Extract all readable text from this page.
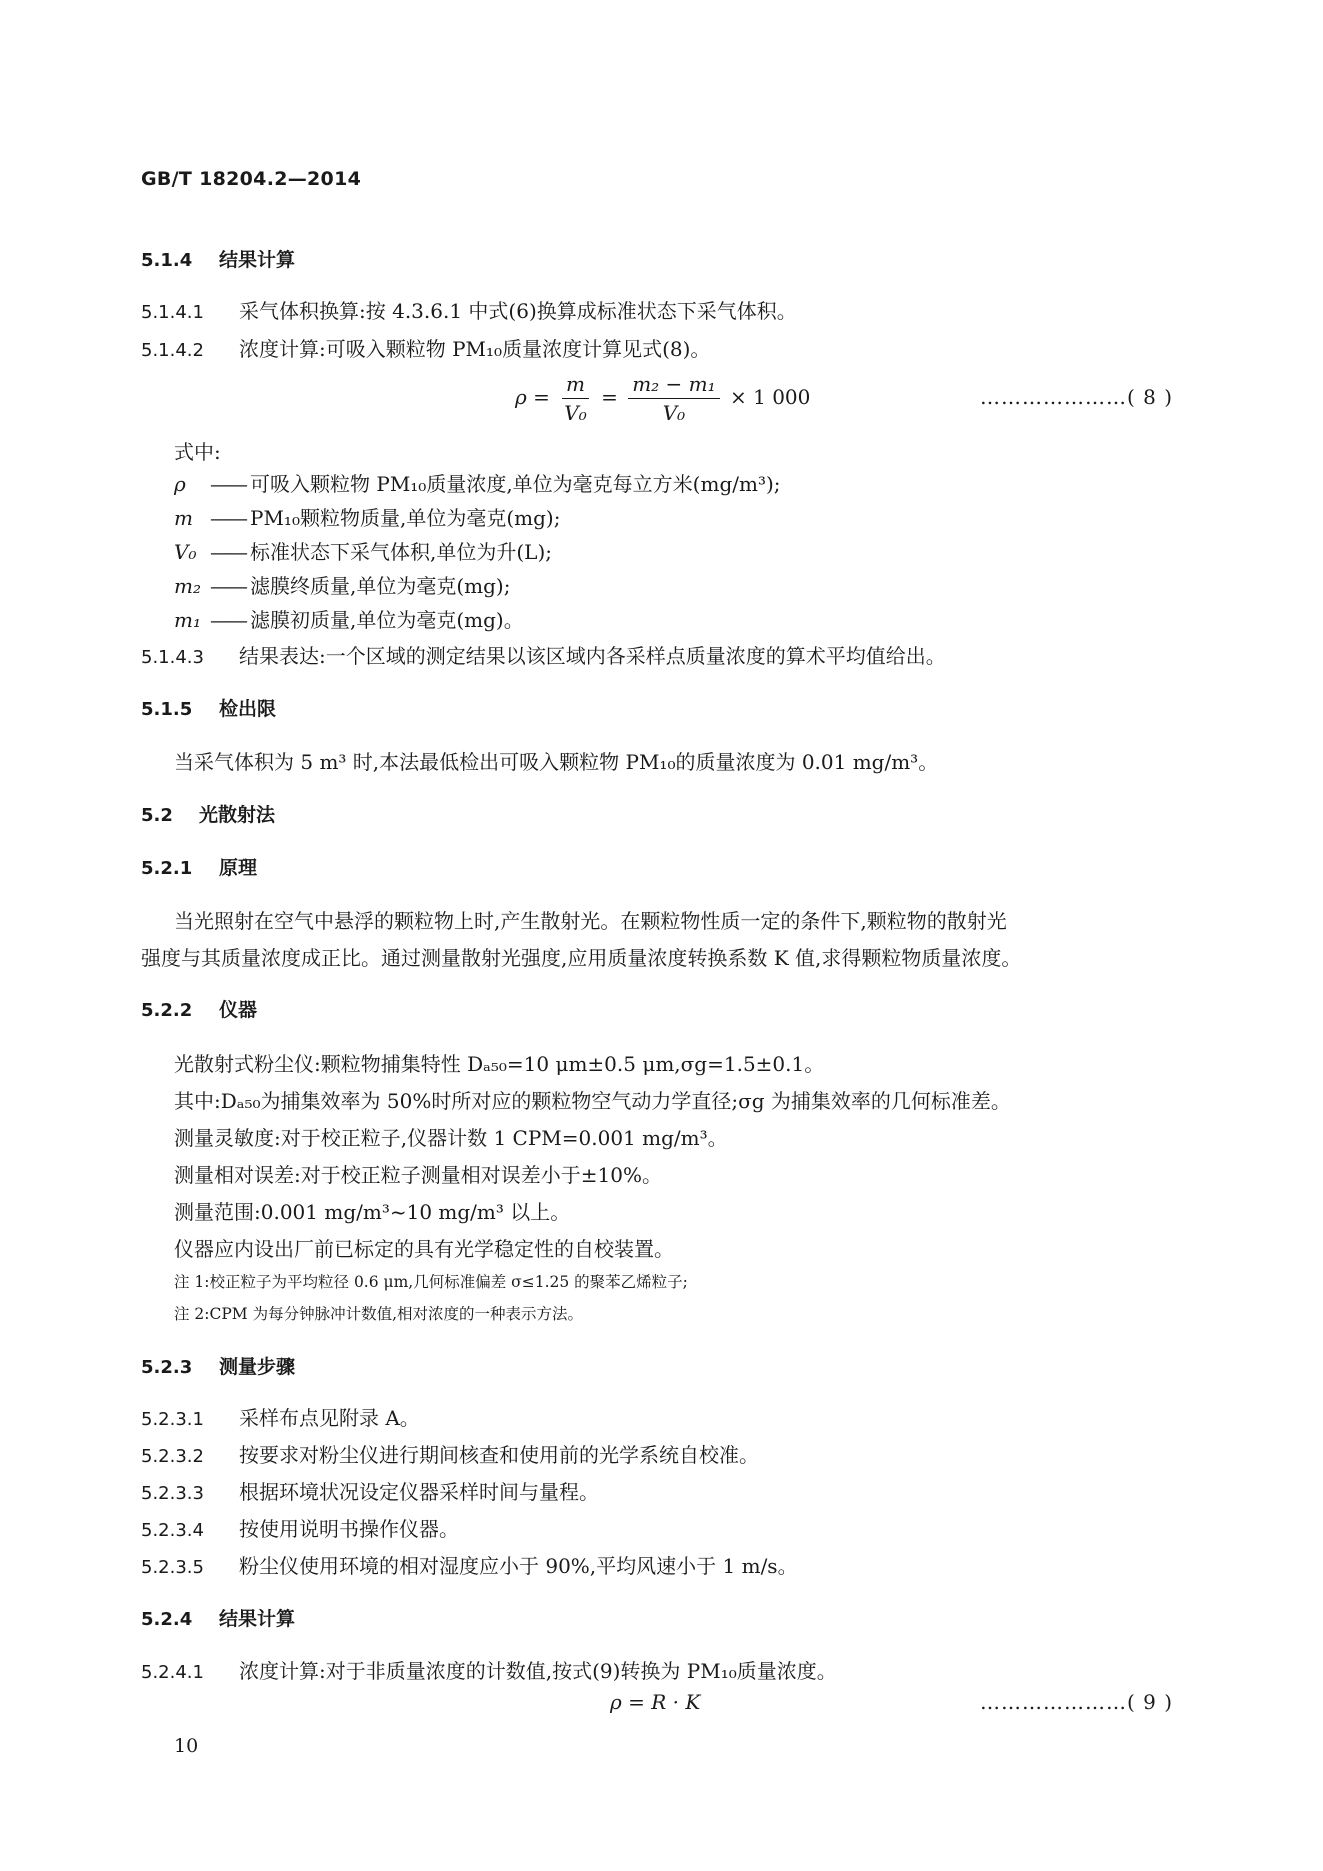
GB/T 18204.2—2014
5.1.4 结果计算
5.1.4.1 采气体积换算:按 4.3.6.1 中式(6)换算成标准状态下采气体积。
5.1.4.2 浓度计算:可吸入颗粒物 PM₁₀质量浓度计算见式(8)。
$\rho = \frac{m}{\text{V₀}} = \frac{\text{m₂ − m₁}}{\text{V₀}} \times 1$ 000	…………………( 8 )
式中:
ρ —— 可吸入颗粒物 PM₁₀质量浓度,单位为毫克每立方米(mg/m³);
m —— PM₁₀颗粒物质量,单位为毫克(mg);
V₀ —— 标准状态下采气体积,单位为升(L);
m₂ —— 滤膜终质量,单位为毫克(mg);
m₁ —— 滤膜初质量,单位为毫克(mg)。
5.1.4.3 结果表达:一个区域的测定结果以该区域内各采样点质量浓度的算术平均值给出。
5.1.5 检出限
当采气体积为 5 m³ 时,本法最低检出可吸入颗粒物 PM₁₀的质量浓度为 0.01 mg/m³。
5.2 光散射法
5.2.1 原理
当光照射在空气中悬浮的颗粒物上时,产生散射光。在颗粒物性质一定的条件下,颗粒物的散射光
强度与其质量浓度成正比。通过测量散射光强度,应用质量浓度转换系数 K 值,求得颗粒物质量浓度。
5.2.2 仪器
光散射式粉尘仪:颗粒物捕集特性 Dₐ₅₀=10 μm±0.5 μm,σg=1.5±0.1。
其中:Dₐ₅₀为捕集效率为 50%时所对应的颗粒物空气动力学直径;σg 为捕集效率的几何标准差。
测量灵敏度:对于校正粒子,仪器计数 1 CPM=0.001 mg/m³。
测量相对误差:对于校正粒子测量相对误差小于±10%。
测量范围:0.001 mg/m³~10 mg/m³ 以上。
仪器应内设出厂前已标定的具有光学稳定性的自校装置。
注 1:校正粒子为平均粒径 0.6 μm,几何标准偏差 σ≤1.25 的聚苯乙烯粒子;
注 2:CPM 为每分钟脉冲计数值,相对浓度的一种表示方法。
5.2.3 测量步骤
5.2.3.1 采样布点见附录 A。
5.2.3.2 按要求对粉尘仪进行期间核查和使用前的光学系统自校准。
5.2.3.3 根据环境状况设定仪器采样时间与量程。
5.2.3.4 按使用说明书操作仪器。
5.2.3.5 粉尘仪使用环境的相对湿度应小于 90%,平均风速小于 1 m/s。
5.2.4 结果计算
5.2.4.1 浓度计算:对于非质量浓度的计数值,按式(9)转换为 PM₁₀质量浓度。
ρ = R · K	…………………( 9 )
10
